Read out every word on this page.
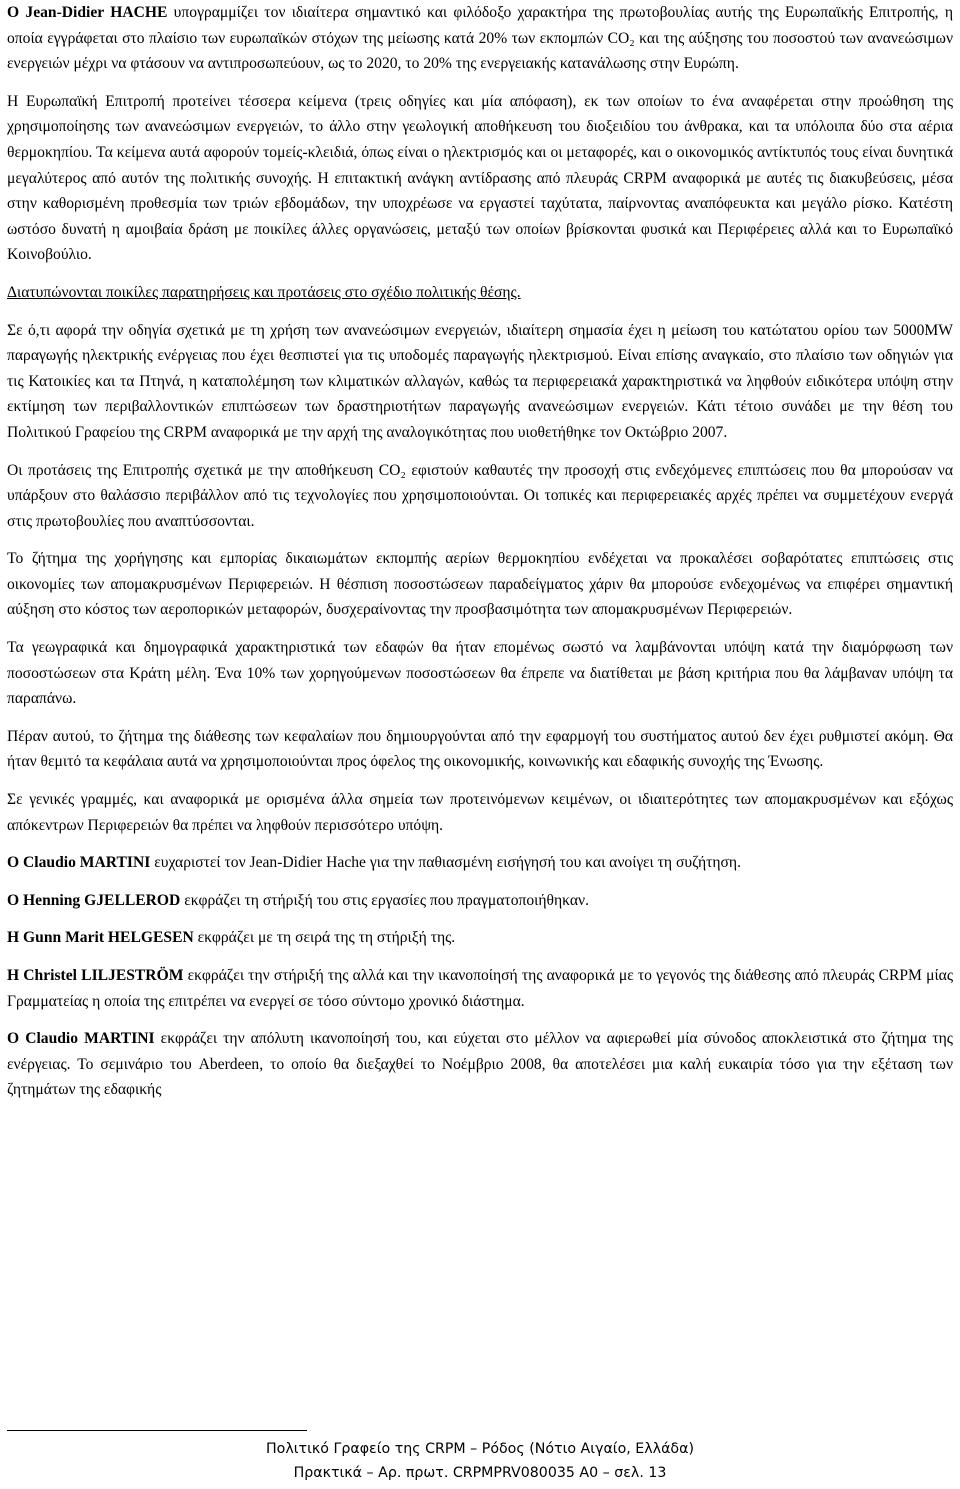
Ο Jean-Didier HACHE υπογραμμίζει τον ιδιαίτερα σημαντικό και φιλόδοξο χαρακτήρα της πρωτοβουλίας αυτής της Ευρωπαϊκής Επιτροπής, η οποία εγγράφεται στο πλαίσιο των ευρωπαϊκών στόχων της μείωσης κατά 20% των εκπομπών CO₂ και της αύξησης του ποσοστού των ανανεώσιμων ενεργειών μέχρι να φτάσουν να αντιπροσωπεύουν, ως το 2020, το 20% της ενεργειακής κατανάλωσης στην Ευρώπη.

Η Ευρωπαϊκή Επιτροπή προτείνει τέσσερα κείμενα (τρεις οδηγίες και μία απόφαση), εκ των οποίων το ένα αναφέρεται στην προώθηση της χρησιμοποίησης των ανανεώσιμων ενεργειών, το άλλο στην γεωλογική αποθήκευση του διοξειδίου του άνθρακα, και τα υπόλοιπα δύο στα αέρια θερμοκηπίου. Τα κείμενα αυτά αφορούν τομείς-κλειδιά, όπως είναι ο ηλεκτρισμός και οι μεταφορές, και ο οικονομικός αντίκτυπός τους είναι δυνητικά μεγαλύτερος από αυτόν της πολιτικής συνοχής. Η επιτακτική ανάγκη αντίδρασης από πλευράς CRPM αναφορικά με αυτές τις διακυβεύσεις, μέσα στην καθορισμένη προθεσμία των τριών εβδομάδων, την υποχρέωσε να εργαστεί ταχύτατα, παίρνοντας αναπόφευκτα και μεγάλο ρίσκο. Κατέστη ωστόσο δυνατή η αμοιβαία δράση με ποικίλες άλλες οργανώσεις, μεταξύ των οποίων βρίσκονται φυσικά και Περιφέρειες αλλά και το Ευρωπαϊκό Κοινοβούλιο.

Διατυπώνονται ποικίλες παρατηρήσεις και προτάσεις στο σχέδιο πολιτικής θέσης.

Σε ό,τι αφορά την οδηγία σχετικά με τη χρήση των ανανεώσιμων ενεργειών, ιδιαίτερη σημασία έχει η μείωση του κατώτατου ορίου των 5000MW παραγωγής ηλεκτρικής ενέργειας που έχει θεσπιστεί για τις υποδομές παραγωγής ηλεκτρισμού. Είναι επίσης αναγκαίο, στο πλαίσιο των οδηγιών για τις Κατοικίες και τα Πτηνά, η καταπολέμηση των κλιματικών αλλαγών, καθώς τα περιφερειακά χαρακτηριστικά να ληφθούν ειδικότερα υπόψη στην εκτίμηση των περιβαλλοντικών επιπτώσεων των δραστηριοτήτων παραγωγής ανανεώσιμων ενεργειών. Κάτι τέτοιο συνάδει με την θέση του Πολιτικού Γραφείου της CRPM αναφορικά με την αρχή της αναλογικότητας που υιοθετήθηκε τον Οκτώβριο 2007.

Οι προτάσεις της Επιτροπής σχετικά με την αποθήκευση CO₂ εφιστούν καθαυτές την προσοχή στις ενδεχόμενες επιπτώσεις που θα μπορούσαν να υπάρξουν στο θαλάσσιο περιβάλλον από τις τεχνολογίες που χρησιμοποιούνται. Οι τοπικές και περιφερειακές αρχές πρέπει να συμμετέχουν ενεργά στις πρωτοβουλίες που αναπτύσσονται.

Το ζήτημα της χορήγησης και εμπορίας δικαιωμάτων εκπομπής αερίων θερμοκηπίου ενδέχεται να προκαλέσει σοβαρότατες επιπτώσεις στις οικονομίες των απομακρυσμένων Περιφερειών. Η θέσπιση ποσοστώσεων παραδείγματος χάριν θα μπορούσε ενδεχομένως να επιφέρει σημαντική αύξηση στο κόστος των αεροπορικών μεταφορών, δυσχεραίνοντας την προσβασιμότητα των απομακρυσμένων Περιφερειών.

Τα γεωγραφικά και δημογραφικά χαρακτηριστικά των εδαφών θα ήταν επομένως σωστό να λαμβάνονται υπόψη κατά την διαμόρφωση των ποσοστώσεων στα Κράτη μέλη. Ένα 10% των χορηγούμενων ποσοστώσεων θα έπρεπε να διατίθεται με βάση κριτήρια που θα λάμβαναν υπόψη τα παραπάνω.

Πέραν αυτού, το ζήτημα της διάθεσης των κεφαλαίων που δημιουργούνται από την εφαρμογή του συστήματος αυτού δεν έχει ρυθμιστεί ακόμη. Θα ήταν θεμιτό τα κεφάλαια αυτά να χρησιμοποιούνται προς όφελος της οικονομικής, κοινωνικής και εδαφικής συνοχής της Ένωσης.

Σε γενικές γραμμές, και αναφορικά με ορισμένα άλλα σημεία των προτεινόμενων κειμένων, οι ιδιαιτερότητες των απομακρυσμένων και εξόχως απόκεντρων Περιφερειών θα πρέπει να ληφθούν περισσότερο υπόψη.

Ο Claudio MARTINI ευχαριστεί τον Jean-Didier Hache για την παθιασμένη εισήγησή του και ανοίγει τη συζήτηση.

Ο Henning GJELLEROD εκφράζει τη στήριξή του στις εργασίες που πραγματοποιήθηκαν.

Η Gunn Marit HELGESEN εκφράζει με τη σειρά της τη στήριξή της.

Η Christel LILJESTRÖM εκφράζει την στήριξή της αλλά και την ικανοποίησή της αναφορικά με το γεγονός της διάθεσης από πλευράς CRPM μίας Γραμματείας η οποία της επιτρέπει να ενεργεί σε τόσο σύντομο χρονικό διάστημα.

Ο Claudio MARTINI εκφράζει την απόλυτη ικανοποίησή του, και εύχεται στο μέλλον να αφιερωθεί μία σύνοδος αποκλειστικά στο ζήτημα της ενέργειας. Το σεμινάριο του Aberdeen, το οποίο θα διεξαχθεί το Νοέμβριο 2008, θα αποτελέσει μια καλή ευκαιρία τόσο για την εξέταση των ζητημάτων της εδαφικής

Πολιτικό Γραφείο της CRPM – Ρόδος (Νότιο Αιγαίο, Ελλάδα)
Πρακτικά – Αρ. πρωτ. CRPMPRV080035 A0 – σελ. 13
